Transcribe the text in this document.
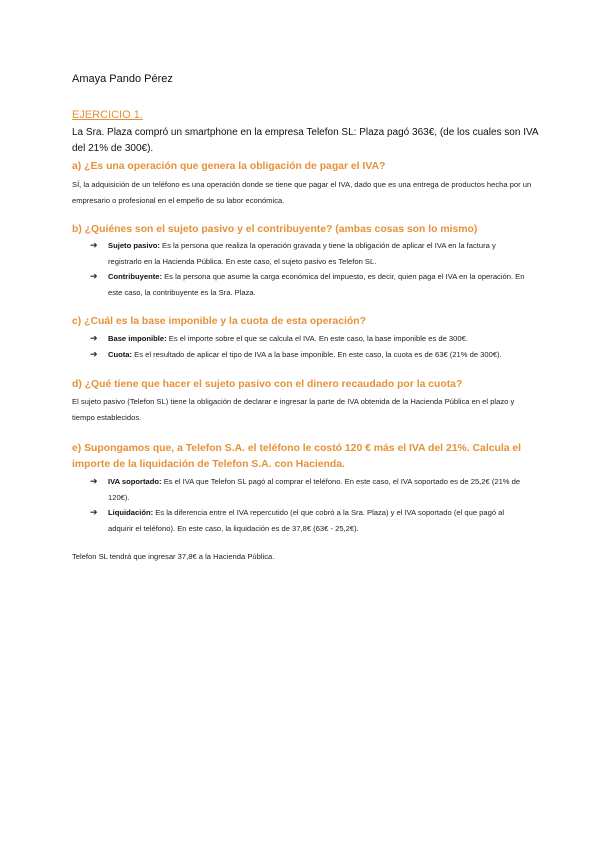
Amaya Pando Pérez
EJERCICIO 1.
La Sra. Plaza compró un smartphone en la empresa Telefon SL: Plaza pagó 363€, (de los cuales son IVA del 21% de 300€).
a) ¿Es una operación que genera la obligación de pagar el IVA?
SÍ, la adquisición de un teléfono es una operación donde se tiene que pagar el IVA, dado que es una entrega de productos hecha por un empresario o profesional en el empeño de su labor económica.
b) ¿Quiénes son el sujeto pasivo y el contribuyente? (ambas cosas son lo mismo)
➔ Sujeto pasivo: Es la persona que realiza la operación gravada y tiene la obligación de aplicar el IVA en la factura y registrarlo en la Hacienda Pública. En este caso, el sujeto pasivo es Telefon SL.
➔ Contribuyente: Es la persona que asume la carga económica del impuesto, es decir, quien paga el IVA en la operación. En este caso, la contribuyente es la Sra. Plaza.
c) ¿Cuál es la base imponible y la cuota de esta operación?
➔ Base imponible: Es el importe sobre el que se calcula el IVA. En este caso, la base imponible es de 300€.
➔ Cuota: Es el resultado de aplicar el tipo de IVA a la base imponible. En este caso, la cuota es de 63€ (21% de 300€).
d) ¿Qué tiene que hacer el sujeto pasivo con el dinero recaudado por la cuota?
El sujeto pasivo (Telefon SL) tiene la obligación de declarar e ingresar la parte de IVA obtenida de la Hacienda Pública en el plazo y tiempo establecidos.
e) Supongamos que, a Telefon S.A. el teléfono le costó 120 € más el IVA del 21%. Calcula el importe de la liquidación de Telefon S.A. con Hacienda.
➔ IVA soportado: Es el IVA que Telefon SL pagó al comprar el teléfono. En este caso, el IVA soportado es de 25,2€ (21% de 120€).
➔ Liquidación: Es la diferencia entre el IVA repercutido (el que cobró a la Sra. Plaza) y el IVA soportado (el que pagó al adquirir el teléfono). En este caso, la liquidación es de 37,8€ (63€ - 25,2€).
Telefon SL tendrá que ingresar 37,8€ a la Hacienda Pública.
